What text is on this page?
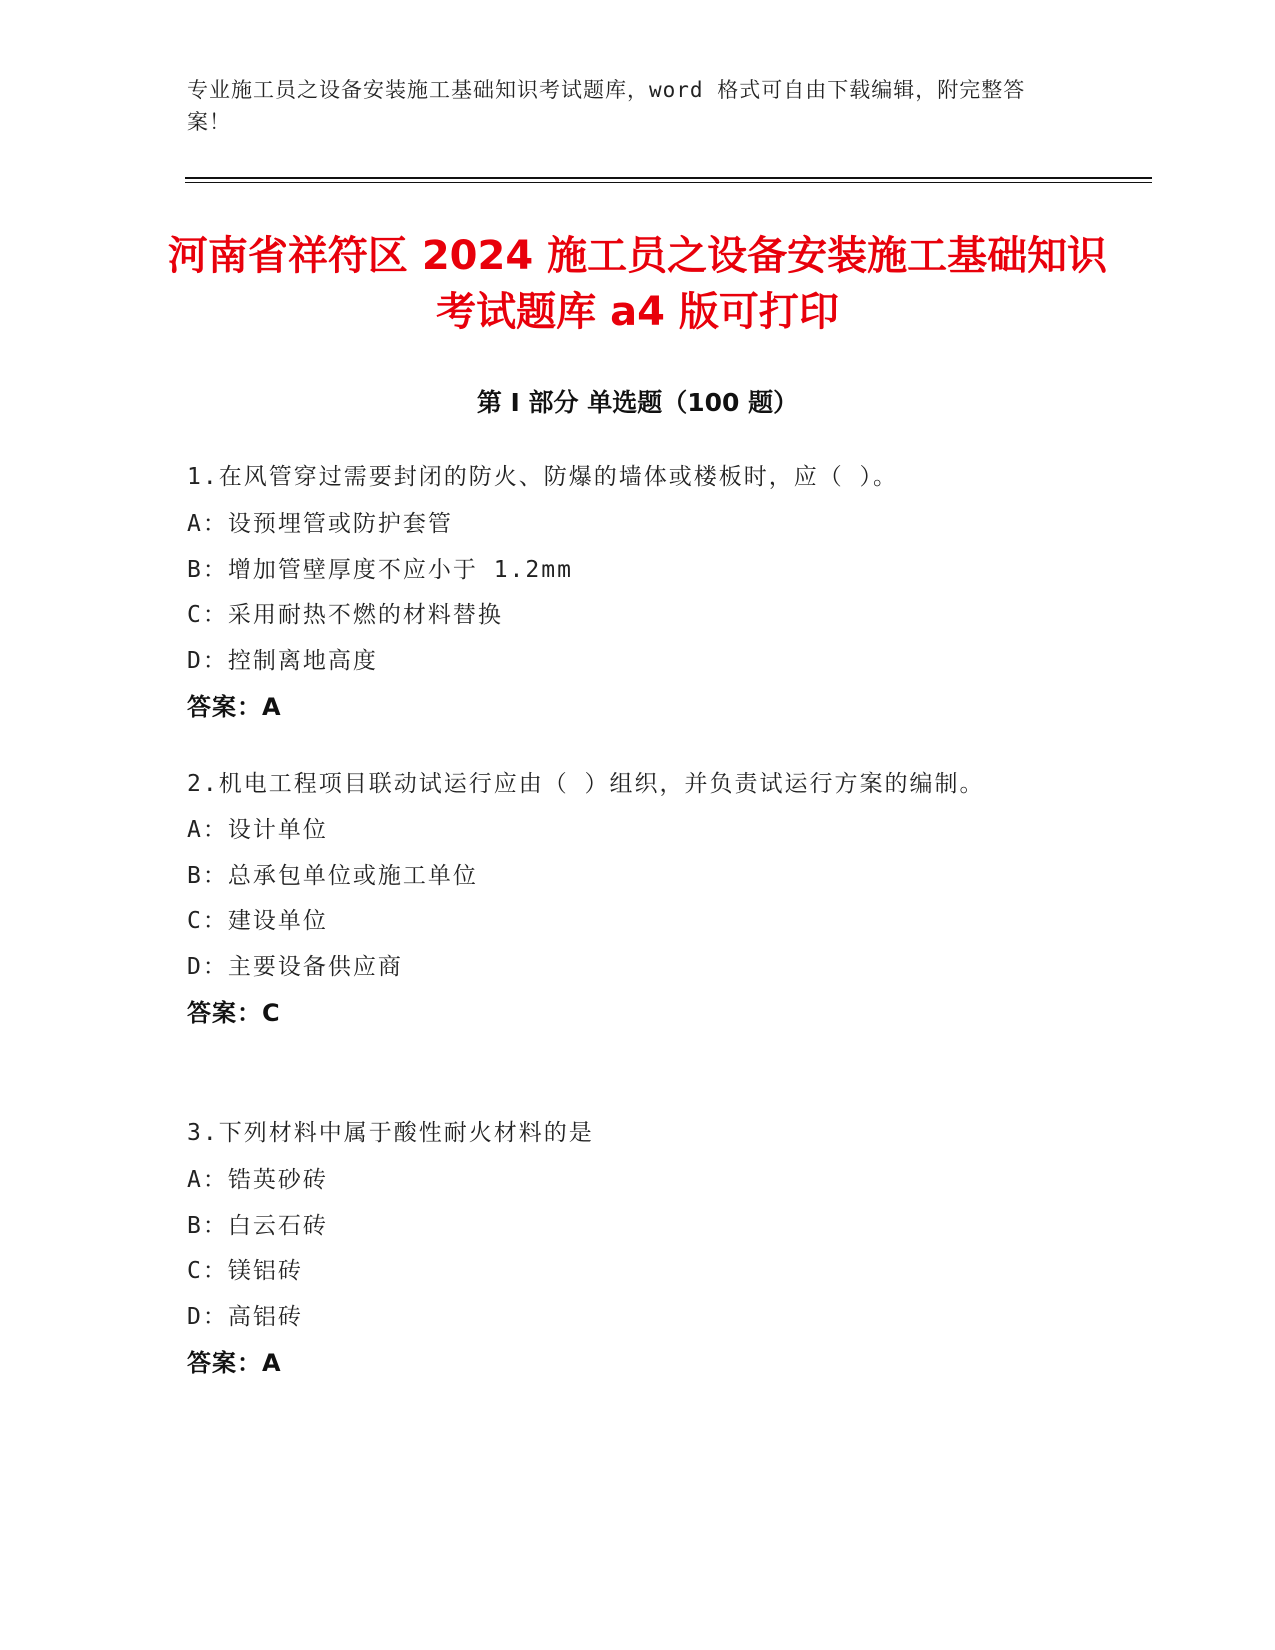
专业施工员之设备安装施工基础知识考试题库，word 格式可自由下载编辑，附完整答案！
河南省祥符区 2024 施工员之设备安装施工基础知识考试题库 a4 版可打印
第 I 部分 单选题（100 题）

1.在风管穿过需要封闭的防火、防爆的墙体或楼板时，应（ ）。

A：设预埋管或防护套管

B：增加管壁厚度不应小于 1.2mm

C：采用耐热不燃的材料替换

D：控制离地高度

答案：A

2.机电工程项目联动试运行应由（ ）组织，并负责试运行方案的编制。

A：设计单位

B：总承包单位或施工单位

C：建设单位

D：主要设备供应商

答案：C

3.下列材料中属于酸性耐火材料的是

A：锆英砂砖

B：白云石砖

C：镁铝砖

D：高铝砖

答案：A
